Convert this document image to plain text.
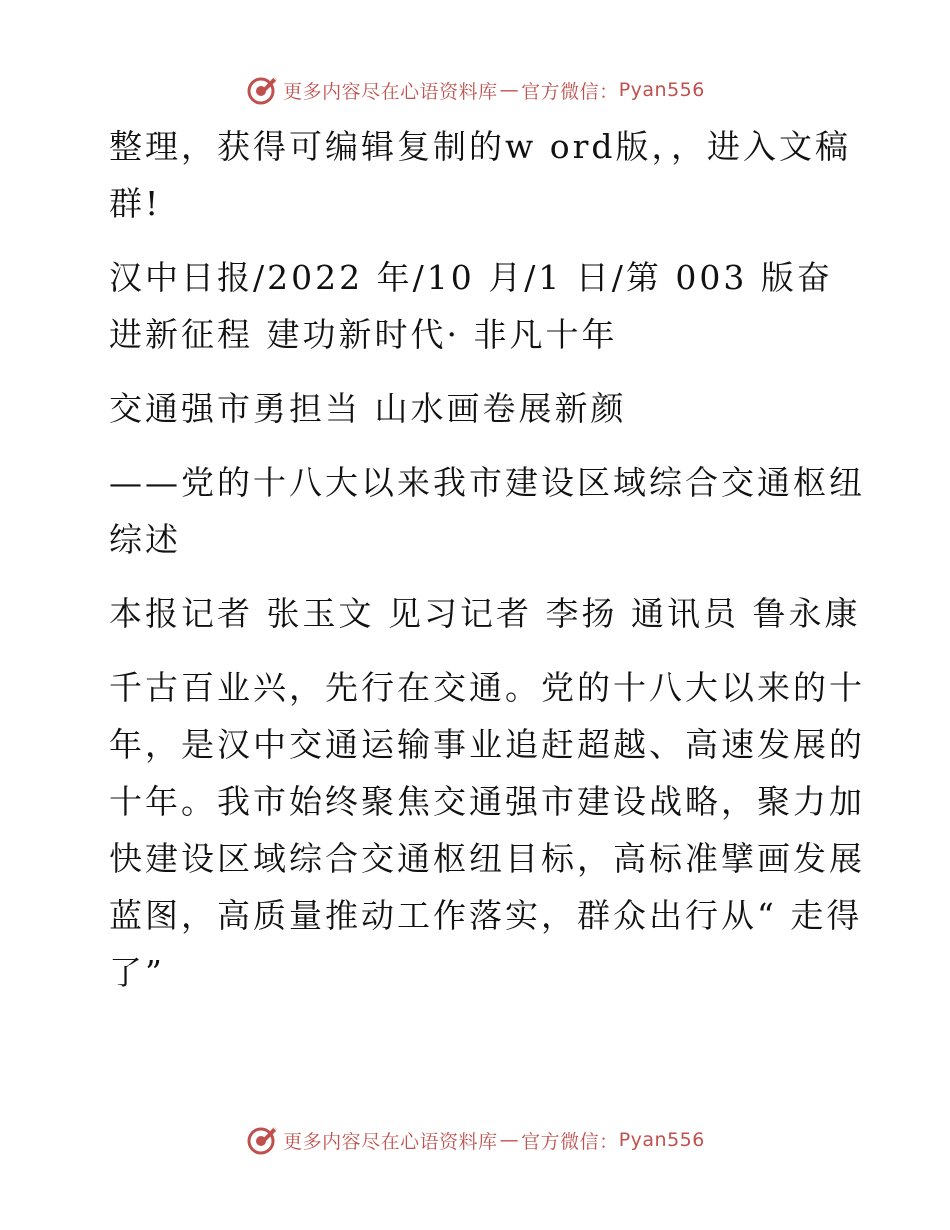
更多内容尽在心语资料库 — 官方微信： Pyan556

整理，获得可编辑复制的w ord版，，进入文稿群!

汉中日报/2022 年/10 月/1 日/第 003 版奋进新征程 建功新时代· 非凡十年

交通强市勇担当 山水画卷展新颜

——党的十八大以来我市建设区域综合交通枢纽综述

本报记者 张玉文 见习记者 李扬 通讯员 鲁永康

千古百业兴，先行在交通。党的十八大以来的十年，是汉中交通运输事业追赶超越、高速发展的十年。我市始终聚焦交通强市建设战略，聚力加快建设区域综合交通枢纽目标，高标准擘画发展蓝图，高质量推动工作落实，群众出行从“ 走得了”

更多内容尽在心语资料库 — 官方微信： Pyan556
